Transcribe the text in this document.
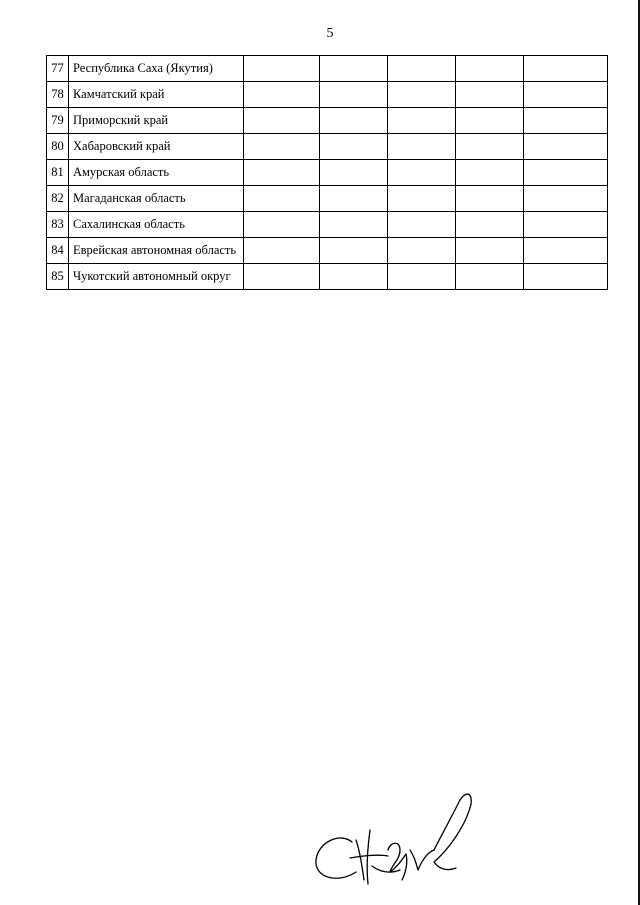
5
77	Республика Саха (Якутия)					
78	Камчатский край					
79	Приморский край					
80	Хабаровский край					
81	Амурская область					
82	Магаданская область					
83	Сахалинская область					
84	Еврейская автономная область					
85	Чукотский автономный округ					
